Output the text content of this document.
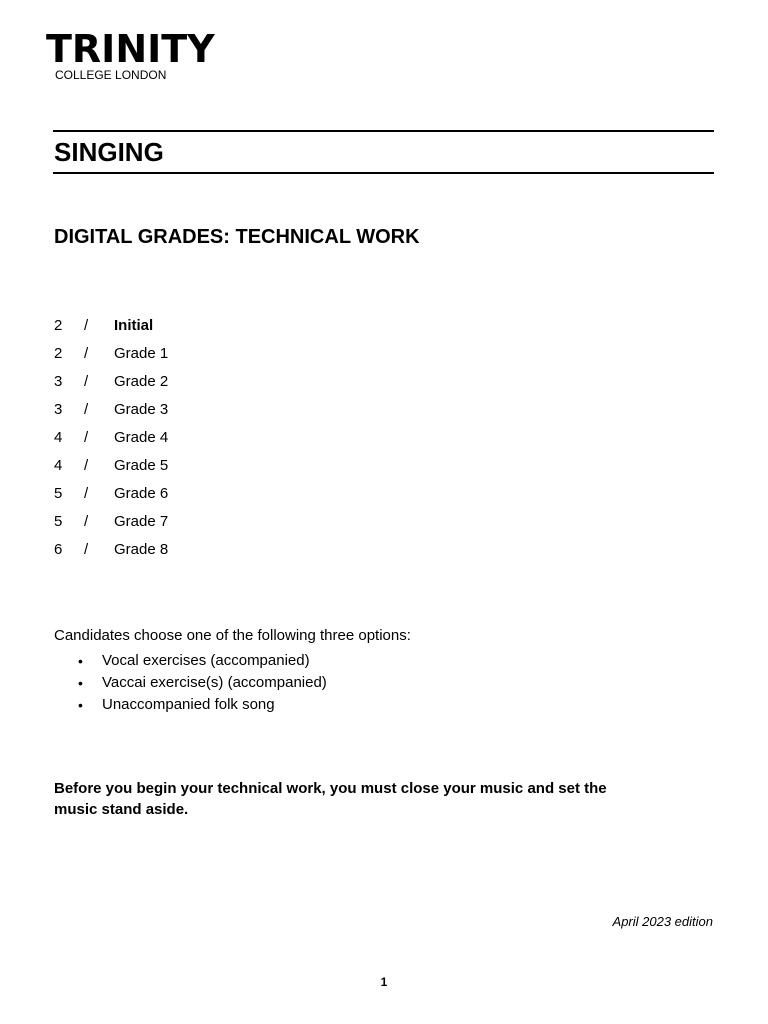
TRINITY
COLLEGE LONDON
SINGING
DIGITAL GRADES: TECHNICAL WORK
2 / Initial
2 / Grade 1
3 / Grade 2
3 / Grade 3
4 / Grade 4
4 / Grade 5
5 / Grade 6
5 / Grade 7
6 / Grade 8
Candidates choose one of the following three options:
• Vocal exercises (accompanied)
• Vaccai exercise(s) (accompanied)
• Unaccompanied folk song
Before you begin your technical work, you must close your music and set the music stand aside.
April 2023 edition
1
